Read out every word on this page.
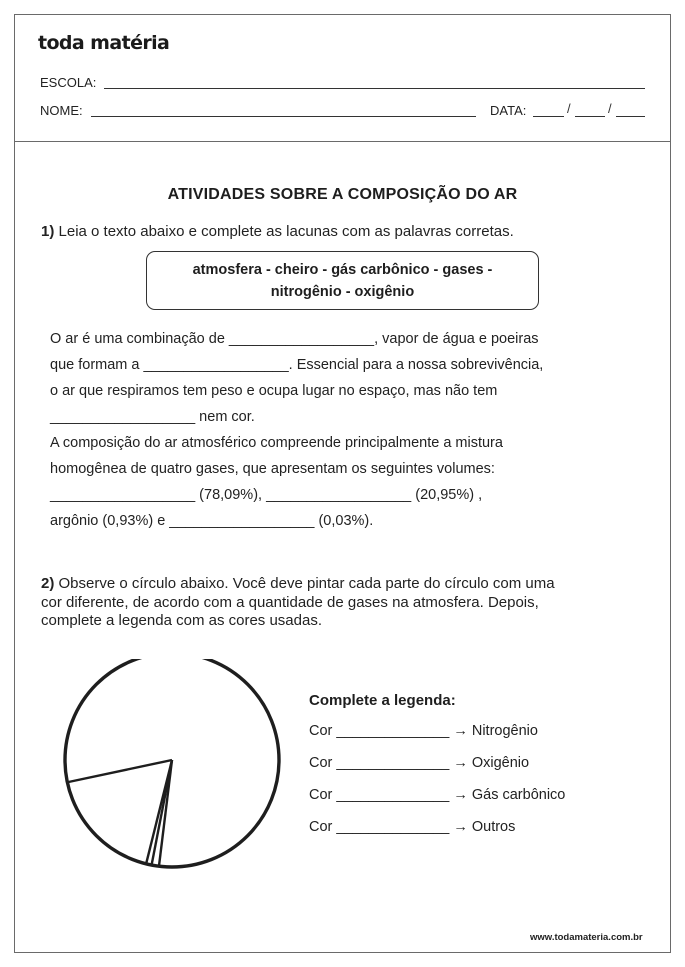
toda matéria
ESCOLA:
NOME:	DATA:	/	/
ATIVIDADES SOBRE A COMPOSIÇÃO DO AR
1) Leia o texto abaixo e complete as lacunas com as palavras corretas.
atmosfera - cheiro - gás carbônico - gases - nitrogênio - oxigênio
O ar é uma combinação de __________________, vapor de água e poeiras
que formam a __________________. Essencial para a nossa sobrevivência,
o ar que respiramos tem peso e ocupa lugar no espaço, mas não tem
__________________ nem cor.
A composição do ar atmosférico compreende principalmente a mistura
homogênea de quatro gases, que apresentam os seguintes volumes:
__________________ (78,09%), __________________ (20,95%) ,
argônio (0,93%) e __________________ (0,03%).
2) Observe o círculo abaixo. Você deve pintar cada parte do círculo com uma
cor diferente, de acordo com a quantidade de gases na atmosfera. Depois,
complete a legenda com as cores usadas.
Complete a legenda:
Cor ______________ → Nitrogênio
Cor ______________ → Oxigênio
Cor ______________ → Gás carbônico
Cor ______________ → Outros
www.todamateria.com.br
